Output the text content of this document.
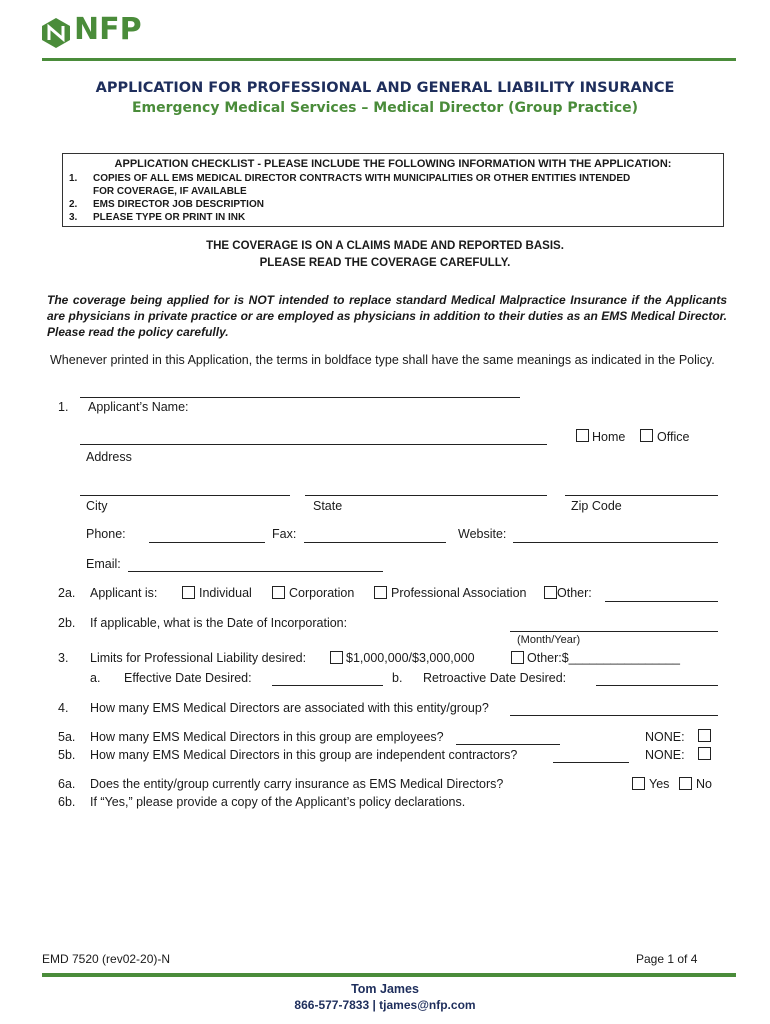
NFP
APPLICATION FOR PROFESSIONAL AND GENERAL LIABILITY INSURANCE
Emergency Medical Services – Medical Director (Group Practice)
APPLICATION CHECKLIST - PLEASE INCLUDE THE FOLLOWING INFORMATION WITH THE APPLICATION:
1. COPIES OF ALL EMS MEDICAL DIRECTOR CONTRACTS WITH MUNICIPALITIES OR OTHER ENTITIES INTENDED
FOR COVERAGE, IF AVAILABLE
2. EMS DIRECTOR JOB DESCRIPTION
3. PLEASE TYPE OR PRINT IN INK
THE COVERAGE IS ON A CLAIMS MADE AND REPORTED BASIS.
PLEASE READ THE COVERAGE CAREFULLY.
The coverage being applied for is NOT intended to replace standard Medical Malpractice Insurance if the Applicants are physicians in private practice or are employed as physicians in addition to their duties as an EMS Medical Director. Please read the policy carefully.
Whenever printed in this Application, the terms in boldface type shall have the same meanings as indicated in the Policy.
1. Applicant’s Name:
Home	Office
Address
City	State	Zip Code
Phone:	Fax:	Website:
Email:
2a. Applicant is:	Individual	Corporation	Professional Association Other:
2b. If applicable, what is the Date of Incorporation:
(Month/Year)
3. Limits for Professional Liability desired:	$1,000,000/$3,000,000	Other:$________________
a. Effective Date Desired:	b. Retroactive Date Desired:
4. How many EMS Medical Directors are associated with this entity/group?
5a. How many EMS Medical Directors in this group are employees?	NONE:
5b. How many EMS Medical Directors in this group are independent contractors?	NONE:
6a. Does the entity/group currently carry insurance as EMS Medical Directors?	Yes No
6b. If “Yes,” please provide a copy of the Applicant’s policy declarations.
EMD 7520 (rev02-20)-N	Page 1 of 4
Tom James
866-577-7833 | tjames@nfp.com
